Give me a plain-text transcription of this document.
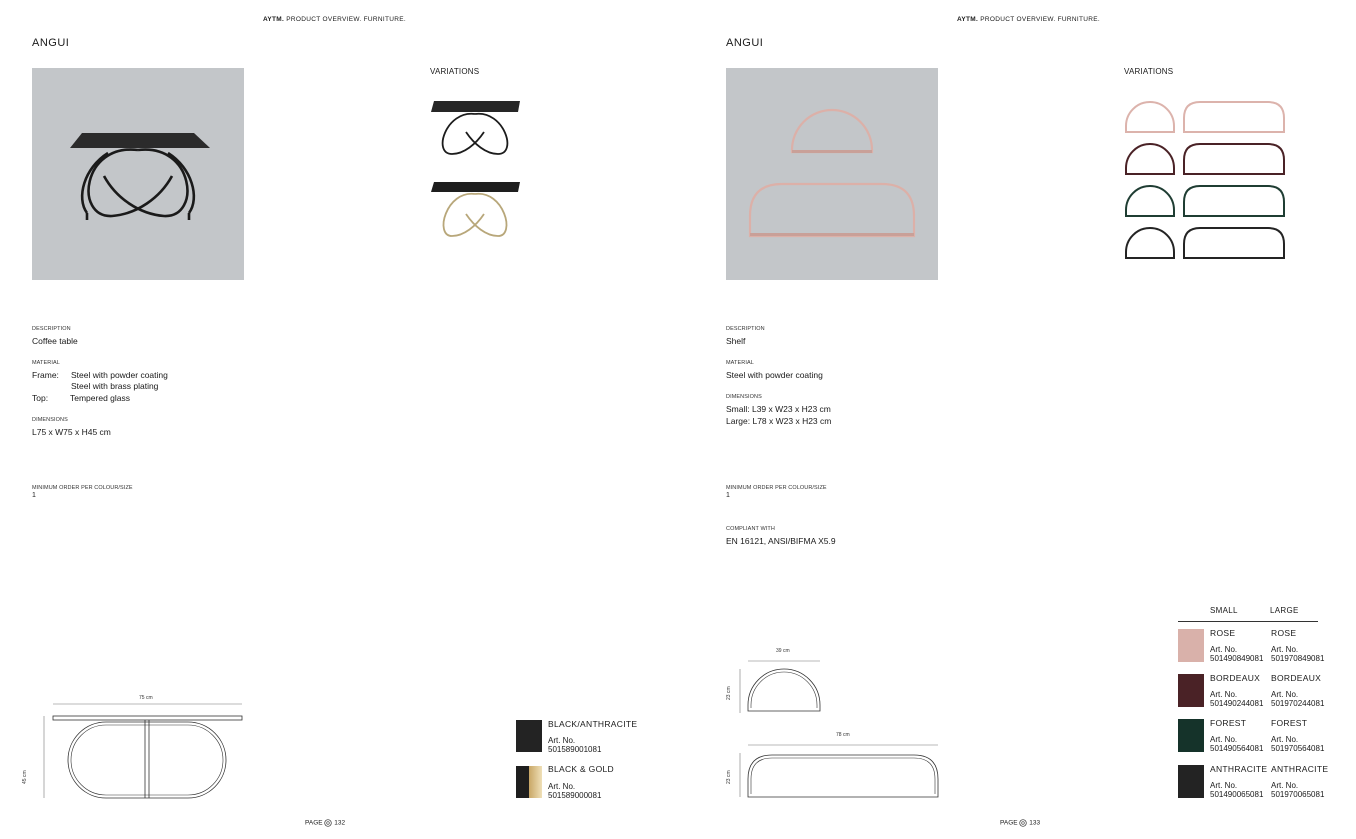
AYTM. PRODUCT OVERVIEW. FURNITURE.
ANGUI
VARIATIONS
DESCRIPTION
Coffee table
MATERIAL
Frame: Steel with powder coating
Steel with brass plating
Top:	Tempered glass
DIMENSIONS
L75 x W75 x H45 cm
MINIMUM ORDER PER COLOUR/SIZE
1
75 cm
45 cm
BLACK/ANTHRACITE
Art. No.
501589001081
BLACK & GOLD
Art. No.
501589000081
PAGE 132
AYTM. PRODUCT OVERVIEW. FURNITURE.
ANGUI
VARIATIONS
DESCRIPTION
Shelf
MATERIAL
Steel with powder coating
DIMENSIONS
Small: L39 x W23 x H23 cm
Large: L78 x W23 x H23 cm
MINIMUM ORDER PER COLOUR/SIZE
1
COMPLIANT WITH
EN 16121, ANSI/BIFMA X5.9
39 cm
78 cm
23 cm
23 cm
SMALL	LARGE
ROSE	ROSE
Art. No.	Art. No.
501490849081 501970849081
BORDEAUX BORDEAUX
Art. No.	Art. No.
501490244081 501970244081
FOREST	FOREST
Art. No.	Art. No.
501490564081 501970564081
ANTHRACITE ANTHRACITE
Art. No.	Art. No.
501490065081 501970065081
PAGE 133
